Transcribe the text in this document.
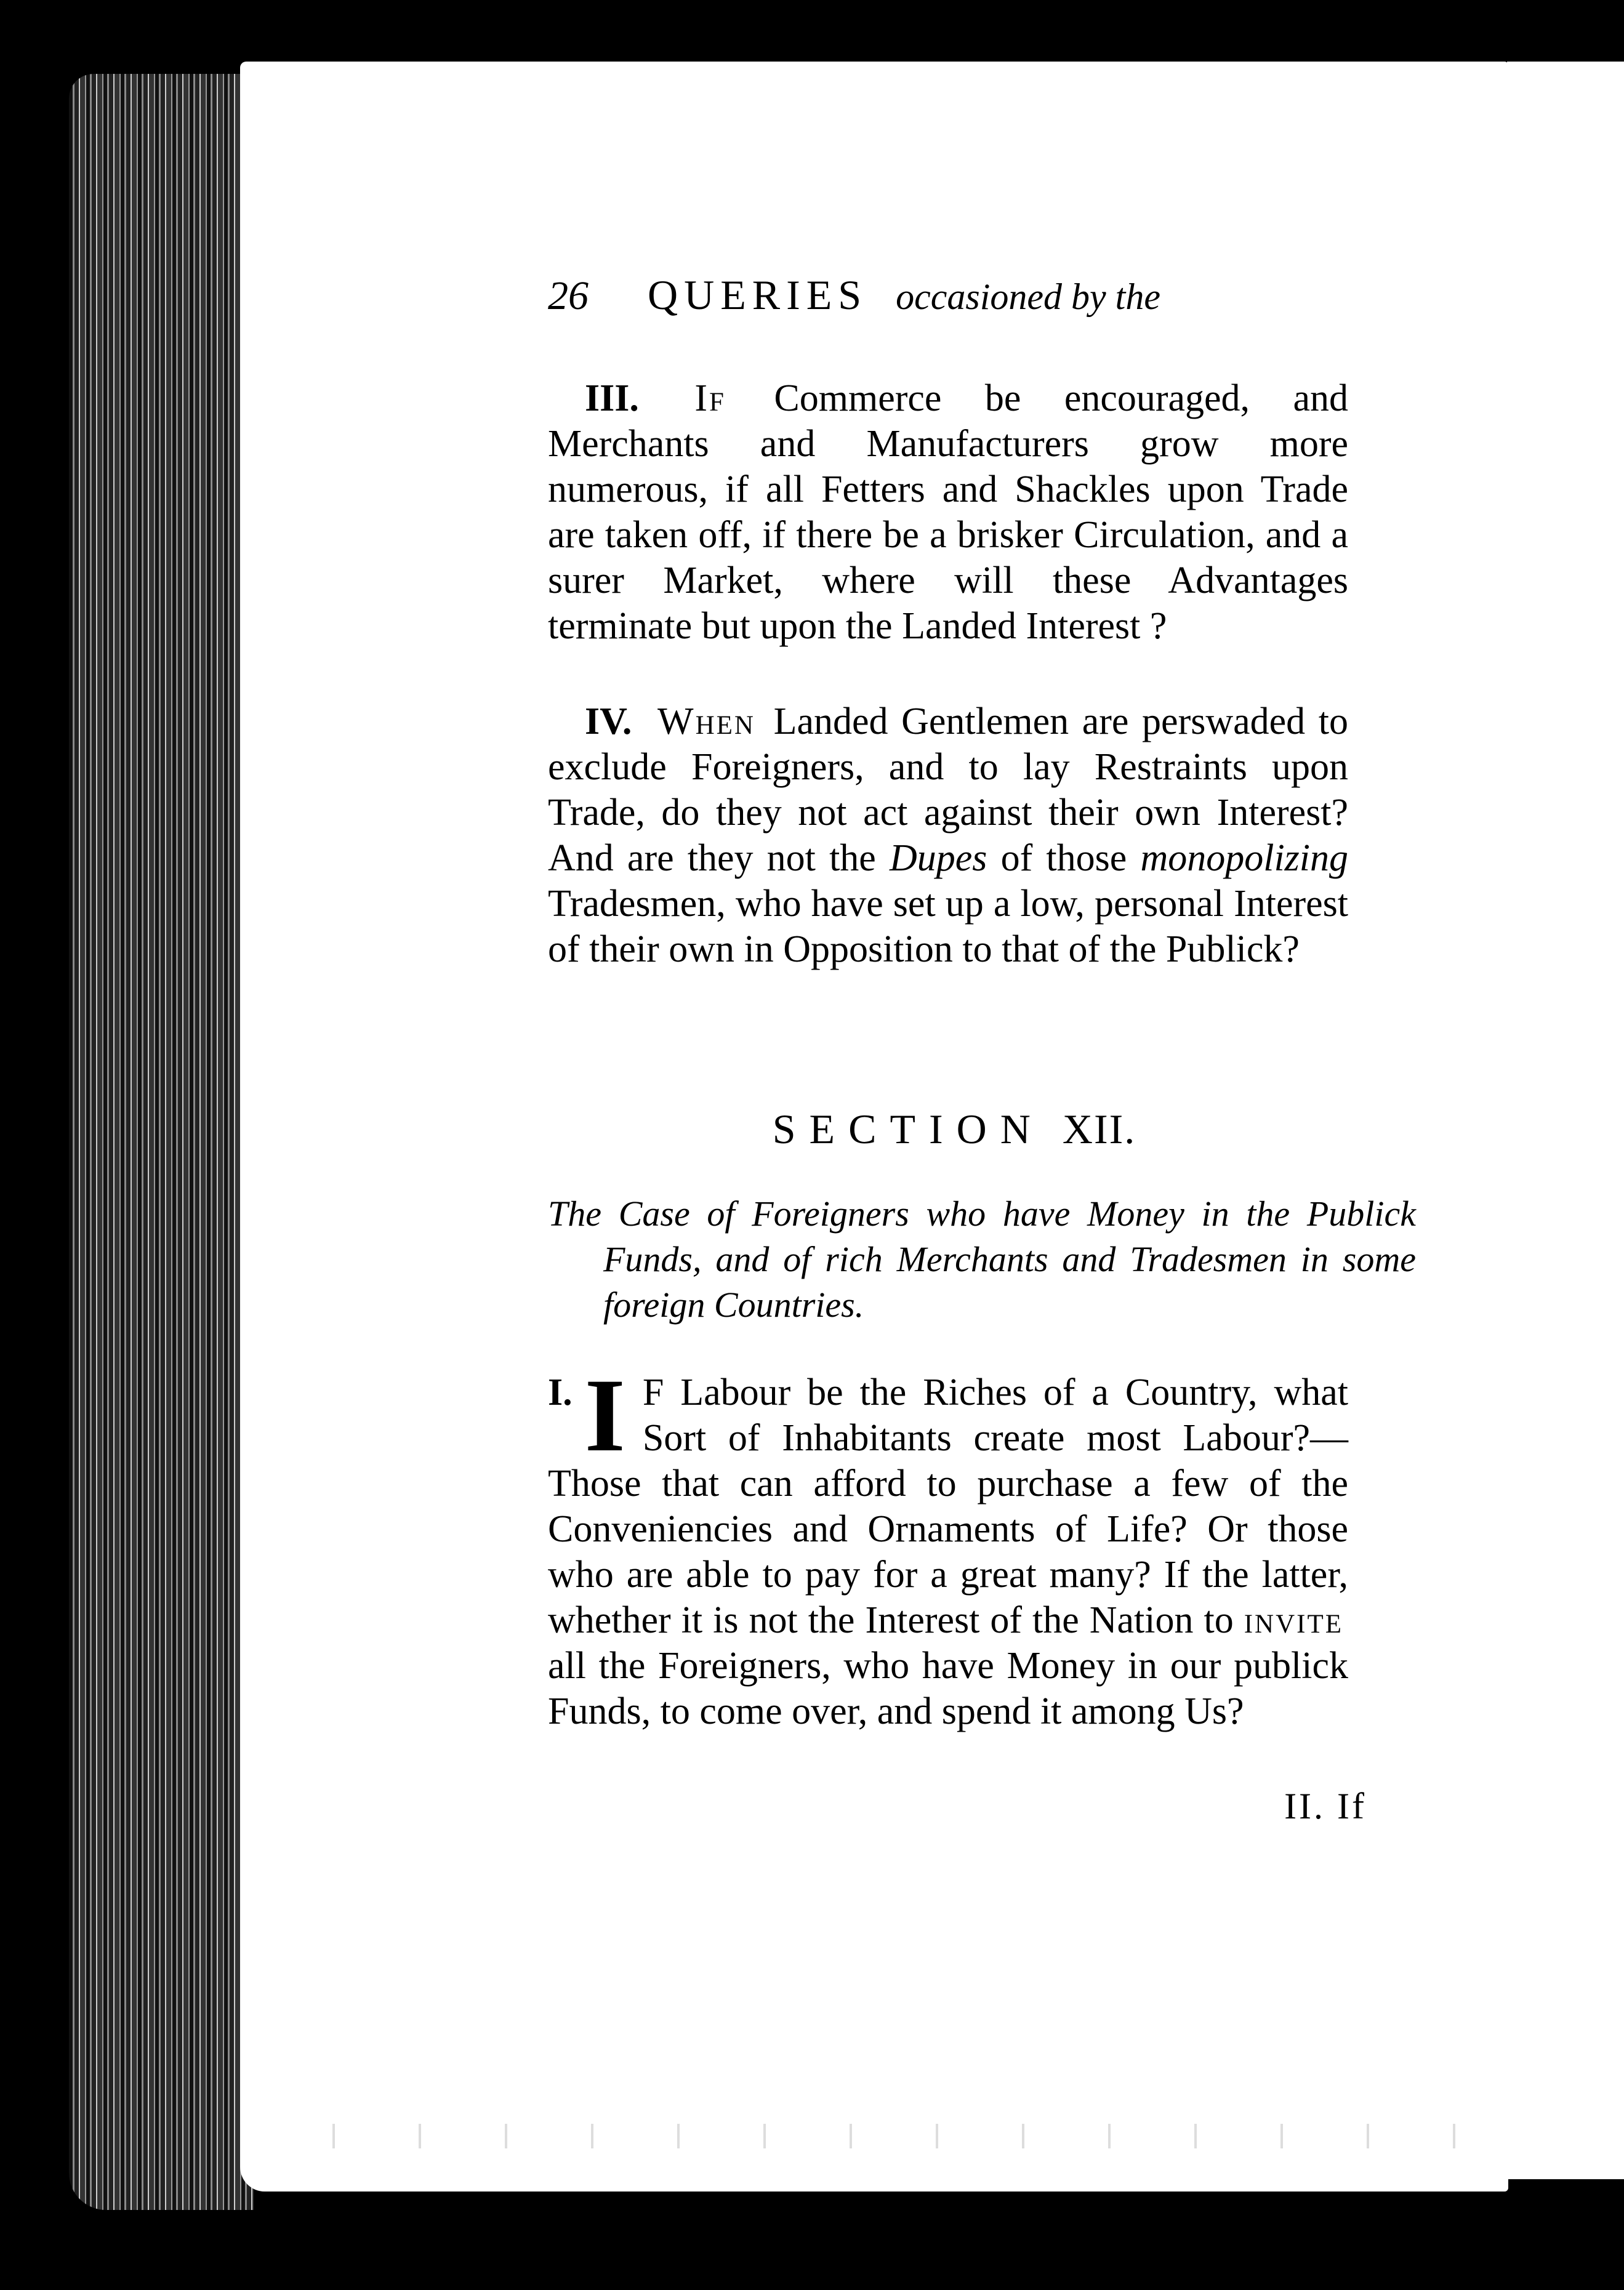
26 QUERIES occasioned by the

III. If Commerce be encouraged, and Merchants and Manufacturers grow more numerous, if all Fetters and Shackles upon Trade are taken off, if there be a brisker Circulation, and a surer Market, where will these Advantages terminate but upon the Landed Interest ?

IV. When Landed Gentlemen are perswaded to exclude Foreigners, and to lay Restraints upon Trade, do they not act against their own Interest? And are they not the Dupes of those monopolizing Tradesmen, who have set up a low, personal Interest of their own in Opposition to that of the Publick?

SECTION XII.
The Case of Foreigners who have Money in the Publick Funds, and of rich Merchants and Tradesmen in some foreign Countries.

I. I F Labour be the Riches of a Country, what Sort of Inhabitants create most Labour?—Those that can afford to purchase a few of the Conveniencies and Ornaments of Life? Or those who are able to pay for a great many? If the latter, whether it is not the Interest of the Nation to invite all the Foreigners, who have Money in our publick Funds, to come over, and spend it among Us?

II. If
